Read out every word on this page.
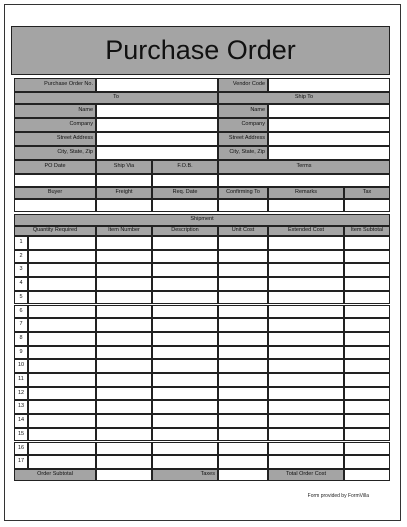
Purchase Order
Purchase Order No.	Vendor Code
To	Ship To
Name	Name
Company	Company
Street Address	Street Address
City, State, Zip	City, State, Zip
PO Date	Ship Via	F.O.B.	Terms
Buyer	Freight	Req. Date	Confirming To	Remarks	Tax
Shipment
Quantity Required	Item Number	Description	Unit Cost	Extended Cost	Item Subtotal
1
2
3
4
5
6
7
8
9
10
11
12
13
14
15
16
17
Order Subtotal	Taxes	Total Order Cost
Form provided by FormVilla
